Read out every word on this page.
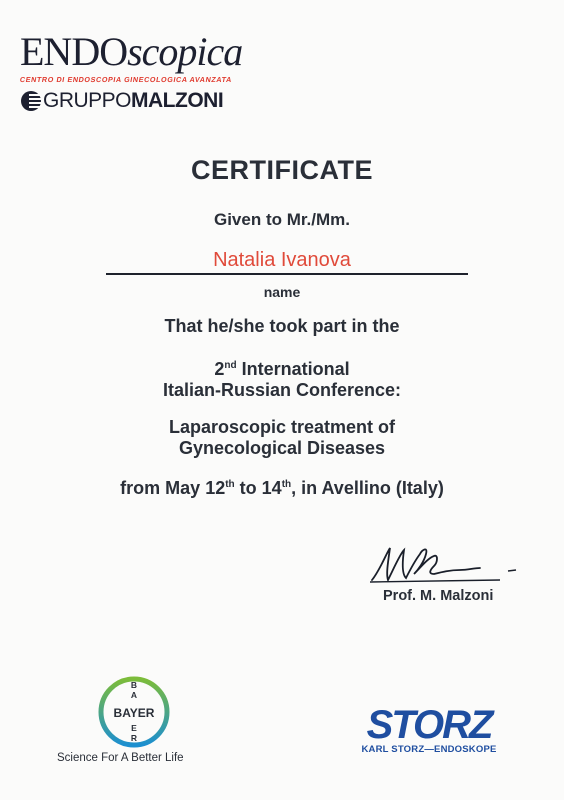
ENDOscopica
CENTRO DI ENDOSCOPIA GINECOLOGICA AVANZATA
GRUPPO MALZONI
CERTIFICATE
Given to Mr./Mm.
Natalia Ivanova
name
That he/she took part in the
2nd International
Italian-Russian Conference:
Laparoscopic treatment of
Gynecological Diseases
from May 12th to 14th, in Avellino (Italy)
Prof. M. Malzoni
BAYER
B
A
E
R
Science For A Better Life
STORZ
KARL STORZ—ENDOSKOPE
